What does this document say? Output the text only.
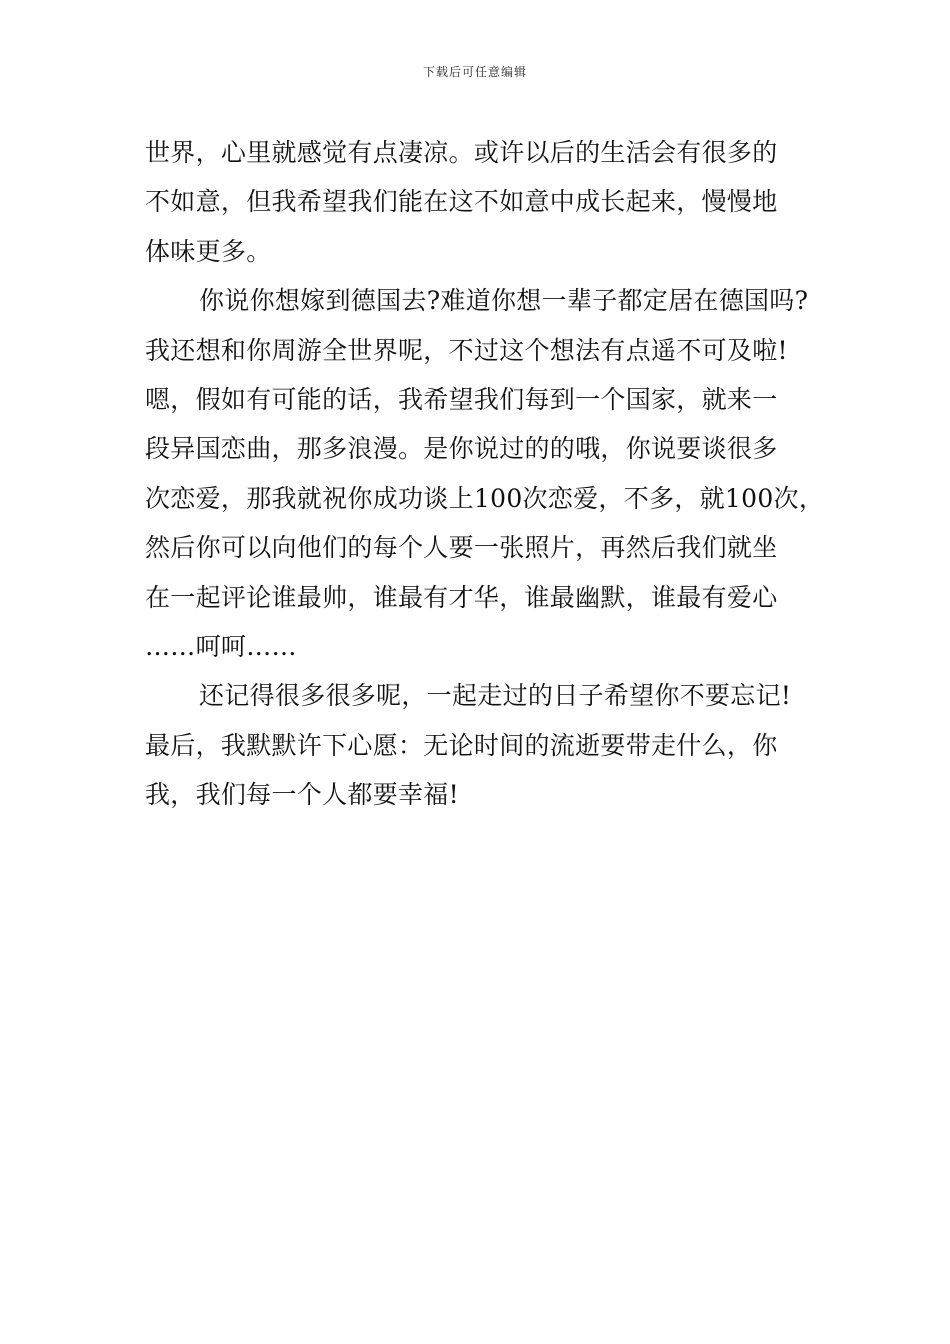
下载后可任意编辑
世界，心里就感觉有点凄凉。或许以后的生活会有很多的
不如意，但我希望我们能在这不如意中成长起来，慢慢地
体味更多。
你说你想嫁到德国去?难道你想一辈子都定居在德国吗?
我还想和你周游全世界呢，不过这个想法有点遥不可及啦!
嗯，假如有可能的话，我希望我们每到一个国家，就来一
段异国恋曲，那多浪漫。是你说过的的哦，你说要谈很多
次恋爱，那我就祝你成功谈上100次恋爱，不多，就100次，
然后你可以向他们的每个人要一张照片，再然后我们就坐
在一起评论谁最帅，谁最有才华，谁最幽默，谁最有爱心
……呵呵……
还记得很多很多呢，一起走过的日子希望你不要忘记!
最后，我默默许下心愿：无论时间的流逝要带走什么，你
我，我们每一个人都要幸福!
